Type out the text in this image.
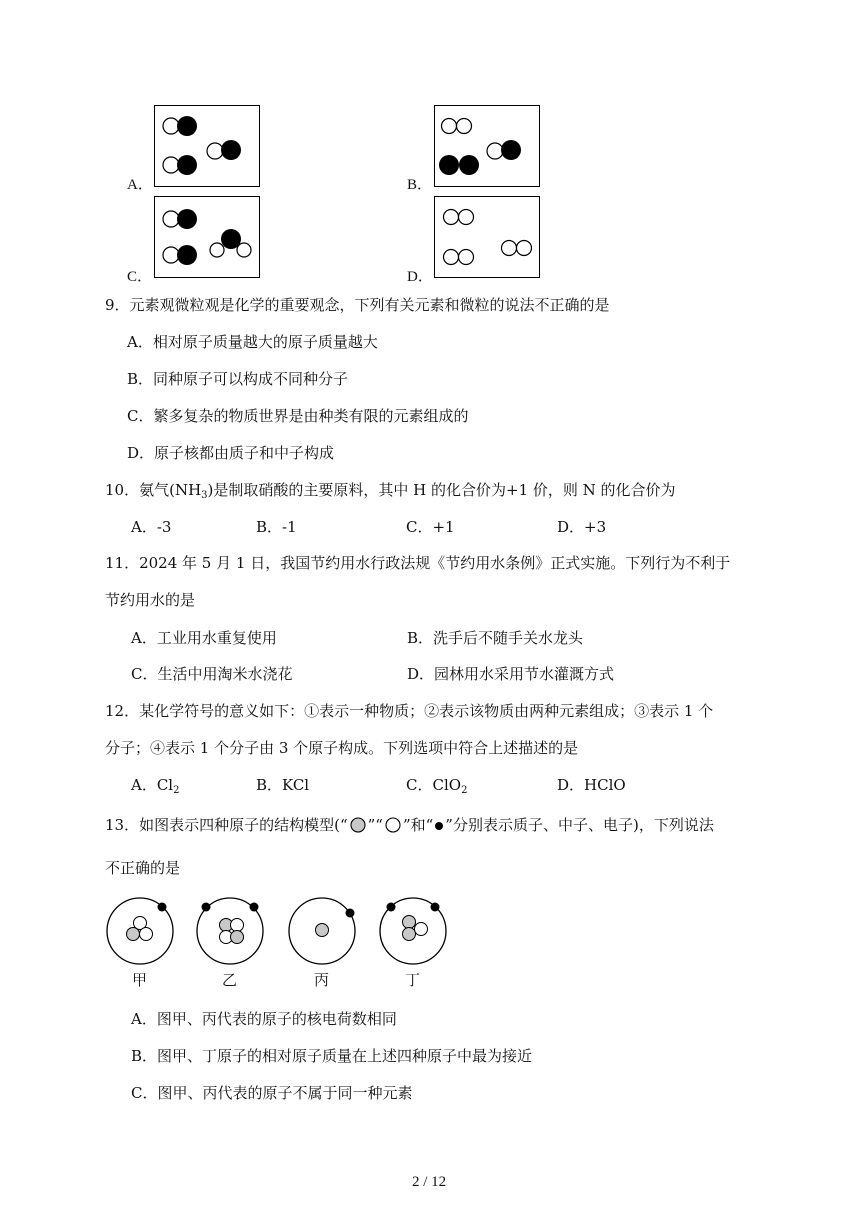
A．	B．
C．	D．
9．元素观微粒观是化学的重要观念，下列有关元素和微粒的说法不正确的是
A．相对原子质量越大的原子质量越大
B．同种原子可以构成不同种分子
C．繁多复杂的物质世界是由种类有限的元素组成的
D．原子核都由质子和中子构成
10．氨气$(NH_3)$是制取硝酸的主要原料，其中 H 的化合价为+1 价，则 N 的化合价为
A．-3	B．-1	C．+1	D．+3
11．2024 年 5 月 1 日，我国节约用水行政法规《节约用水条例》正式实施。下列行为不利于
节约用水的是
A．工业用水重复使用	B．洗手后不随手关水龙头
C．生活中用淘米水浇花	D．园林用水采用节水灌溉方式
12．某化学符号的意义如下：①表示一种物质；②表示该物质由两种元素组成；③表示 1 个
分子；④表示 1 个分子由 3 个原子构成。下列选项中符合上述描述的是
A．$Cl_2$	B．KCl	C．ClO$_2$	D．HClO
13．如图表示四种原子的结构模型(“ ”“ ”和“ ”分别表示质子、中子、电子)，下列说法
不正确的是
甲	乙	丙	丁
A．图甲、丙代表的原子的核电荷数相同
B．图甲、丁原子的相对原子质量在上述四种原子中最为接近
C．图甲、丙代表的原子不属于同一种元素
2 / 12
